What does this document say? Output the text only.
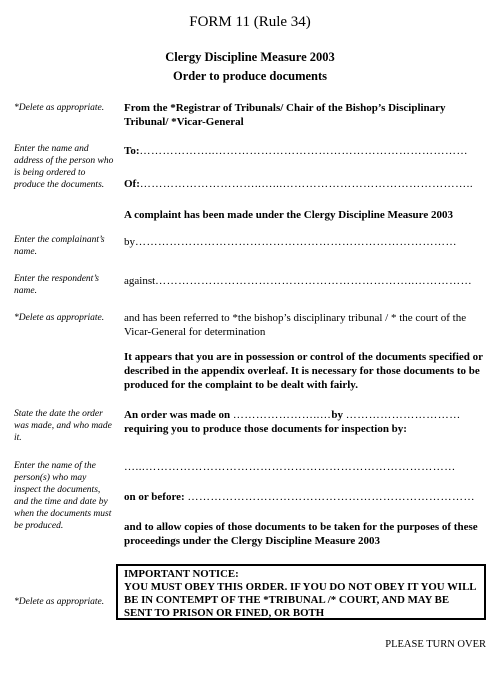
FORM 11 (Rule 34)
Clergy Discipline Measure 2003
Order to produce documents
*Delete as appropriate.	From the *Registrar of Tribunals/ Chair of the Bishop’s Disciplinary Tribunal/ *Vicar-General
Enter the name and address of the person who is being ordered to produce the documents.
To:………………..…………………………………………………………
Of:…………………………..…...…………………………………………..
A complaint has been made under the Clergy Discipline Measure 2003
Enter the complainant’s name.
by…………………………………………………………………………
Enter the respondent’s name.
against…………………………………………………………..……………
*Delete as appropriate.	and has been referred to *the bishop’s disciplinary tribunal / * the court of the Vicar-General for determination
It appears that you are in possession or control of the documents specified or described in the appendix overleaf. It is necessary for those documents to be produced for the complaint to be dealt with fairly.
State the date the order was made, and who made it.
An order was made on …………………..…by …………………………
requiring you to produce those documents for inspection by:
Enter the name of the person(s) who may inspect the documents, and the time and date by when the documents must be produced.
…...………………………………………………………………………
on or before: …………………………………………………………………
and to allow copies of those documents to be taken for the purposes of these proceedings under the Clergy Discipline Measure 2003
*Delete as appropriate.
IMPORTANT NOTICE:
YOU MUST OBEY THIS ORDER. IF YOU DO NOT OBEY IT YOU WILL BE IN CONTEMPT OF THE *TRIBUNAL /* COURT, AND MAY BE SENT TO PRISON OR FINED, OR BOTH
PLEASE TURN OVER
